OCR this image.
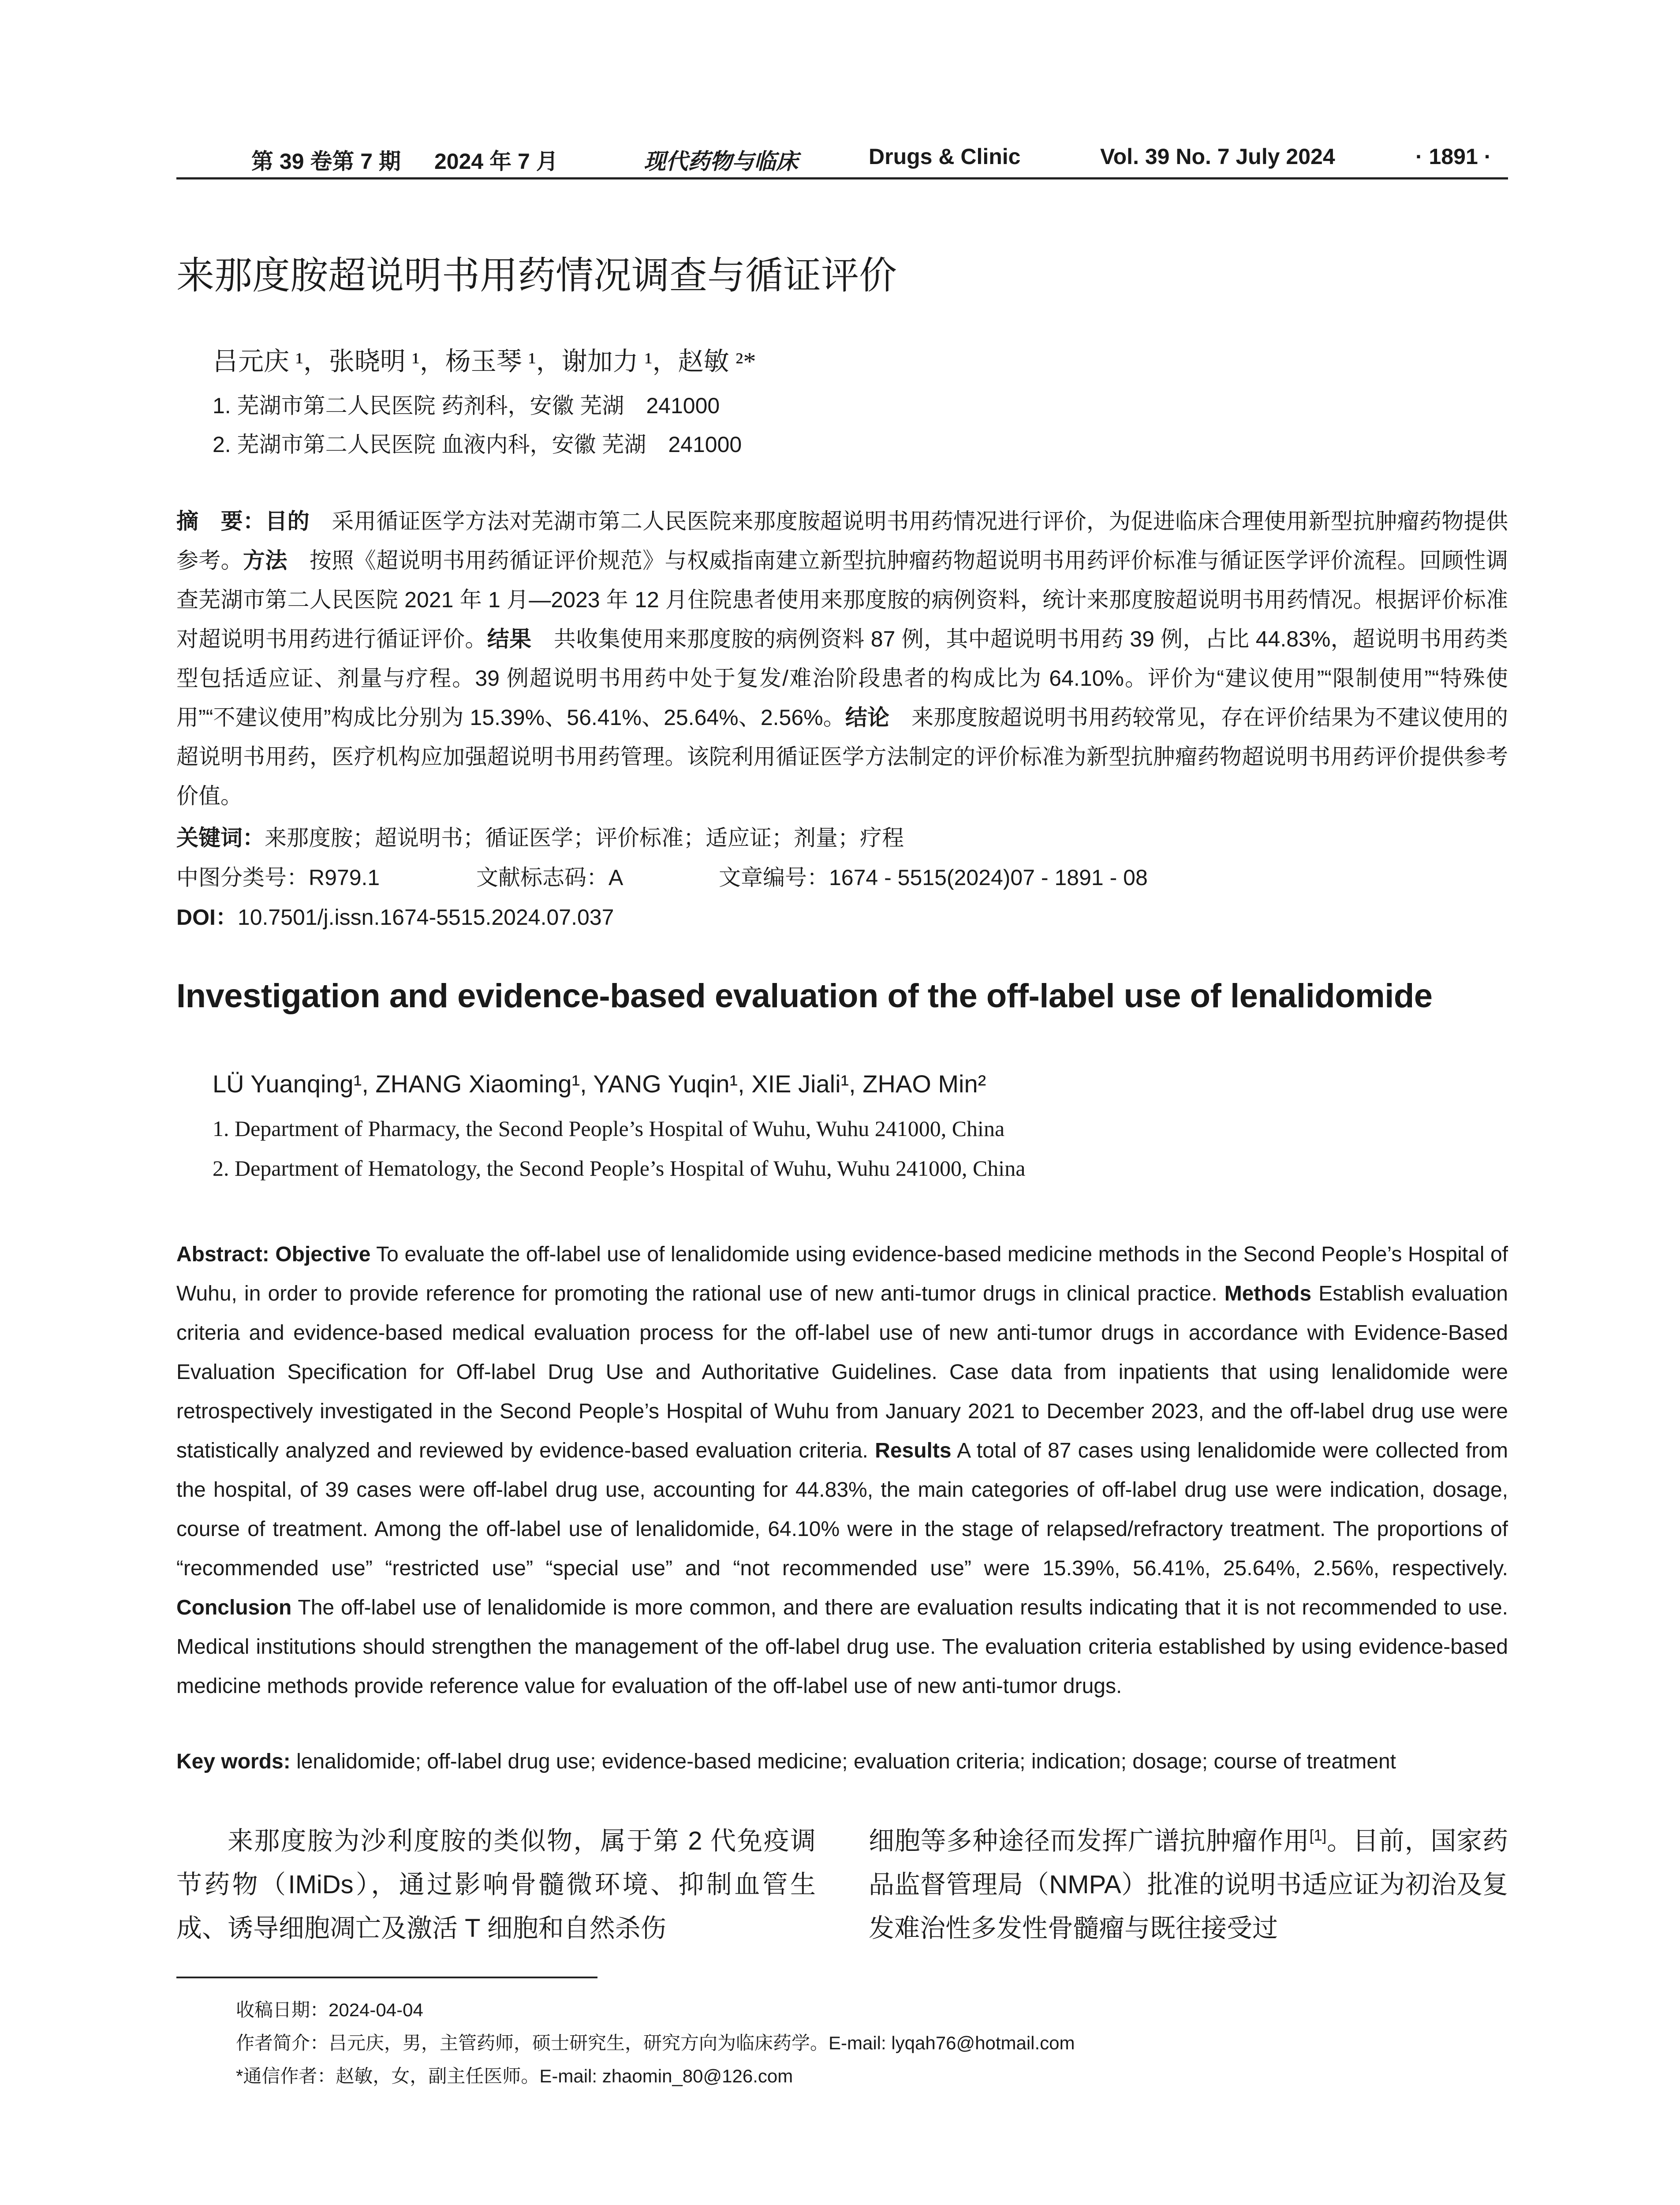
第 39 卷第 7 期 2024 年 7 月	现代药物与临床	Drugs & Clinic	Vol. 39 No. 7 July 2024	· 1891 ·
来那度胺超说明书用药情况调查与循证评价
吕元庆 ¹，张晓明 ¹，杨玉琴 ¹，谢加力 ¹，赵敏 ²*
1. 芜湖市第二人民医院 药剂科，安徽 芜湖　241000
2. 芜湖市第二人民医院 血液内科，安徽 芜湖　241000
摘　要：目的　采用循证医学方法对芜湖市第二人民医院来那度胺超说明书用药情况进行评价，为促进临床合理使用新型抗肿瘤药物提供参考。方法　按照《超说明书用药循证评价规范》与权威指南建立新型抗肿瘤药物超说明书用药评价标准与循证医学评价流程。回顾性调查芜湖市第二人民医院 2021 年 1 月—2023 年 12 月住院患者使用来那度胺的病例资料，统计来那度胺超说明书用药情况。根据评价标准对超说明书用药进行循证评价。结果　共收集使用来那度胺的病例资料 87 例，其中超说明书用药 39 例，占比 44.83%，超说明书用药类型包括适应证、剂量与疗程。39 例超说明书用药中处于复发/难治阶段患者的构成比为 64.10%。评价为“建议使用”“限制使用”“特殊使用”“不建议使用”构成比分别为 15.39%、56.41%、25.64%、2.56%。结论　来那度胺超说明书用药较常见，存在评价结果为不建议使用的超说明书用药，医疗机构应加强超说明书用药管理。该院利用循证医学方法制定的评价标准为新型抗肿瘤药物超说明书用药评价提供参考价值。
关键词：来那度胺；超说明书；循证医学；评价标准；适应证；剂量；疗程
中图分类号：R979.1	文献标志码：A	文章编号：1674 - 5515(2024)07 - 1891 - 08
DOI：10.7501/j.issn.1674-5515.2024.07.037
Investigation and evidence-based evaluation of the off-label use of lenalidomide
LÜ Yuanqing¹, ZHANG Xiaoming¹, YANG Yuqin¹, XIE Jiali¹, ZHAO Min²
1. Department of Pharmacy, the Second People’s Hospital of Wuhu, Wuhu 241000, China
2. Department of Hematology, the Second People’s Hospital of Wuhu, Wuhu 241000, China
Abstract: Objective To evaluate the off-label use of lenalidomide using evidence-based medicine methods in the Second People’s Hospital of Wuhu, in order to provide reference for promoting the rational use of new anti-tumor drugs in clinical practice. Methods Establish evaluation criteria and evidence-based medical evaluation process for the off-label use of new anti-tumor drugs in accordance with Evidence-Based Evaluation Specification for Off-label Drug Use and Authoritative Guidelines. Case data from inpatients that using lenalidomide were retrospectively investigated in the Second People’s Hospital of Wuhu from January 2021 to December 2023, and the off-label drug use were statistically analyzed and reviewed by evidence-based evaluation criteria. Results A total of 87 cases using lenalidomide were collected from the hospital, of 39 cases were off-label drug use, accounting for 44.83%, the main categories of off-label drug use were indication, dosage, course of treatment. Among the off-label use of lenalidomide, 64.10% were in the stage of relapsed/refractory treatment. The proportions of “recommended use” “restricted use” “special use” and “not recommended use” were 15.39%, 56.41%, 25.64%, 2.56%, respectively. Conclusion The off-label use of lenalidomide is more common, and there are evaluation results indicating that it is not recommended to use. Medical institutions should strengthen the management of the off-label drug use. The evaluation criteria established by using evidence-based medicine methods provide reference value for evaluation of the off-label use of new anti-tumor drugs.
Key words: lenalidomide; off-label drug use; evidence-based medicine; evaluation criteria; indication; dosage; course of treatment
来那度胺为沙利度胺的类似物，属于第 2 代免疫调节药物（IMiDs），通过影响骨髓微环境、抑制血管生成、诱导细胞凋亡及激活 T 细胞和自然杀伤
细胞等多种途径而发挥广谱抗肿瘤作用[1]。目前，国家药品监督管理局（NMPA）批准的说明书适应证为初治及复发难治性多发性骨髓瘤与既往接受过
收稿日期：2024-04-04
作者简介：吕元庆，男，主管药师，硕士研究生，研究方向为临床药学。E-mail: lyqah76@hotmail.com
*通信作者：赵敏，女，副主任医师。E-mail: zhaomin_80@126.com
